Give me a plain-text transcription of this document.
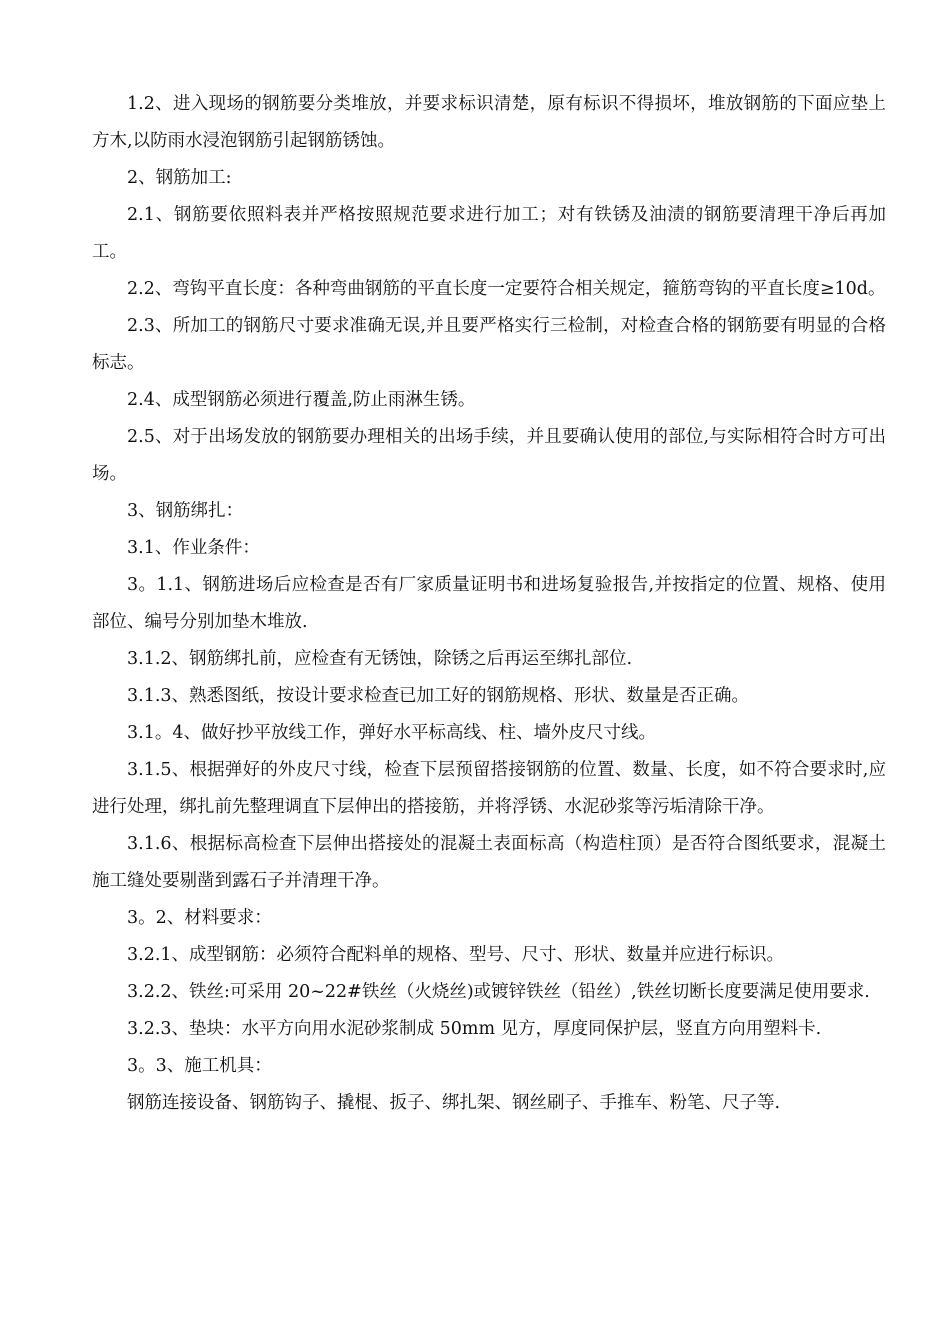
1.2、进入现场的钢筋要分类堆放，并要求标识清楚，原有标识不得损坏，堆放钢筋的下面应垫上方木,以防雨水浸泡钢筋引起钢筋锈蚀。

2、钢筋加工:

2.1、钢筋要依照料表并严格按照规范要求进行加工；对有铁锈及油渍的钢筋要清理干净后再加工。

2.2、弯钩平直长度：各种弯曲钢筋的平直长度一定要符合相关规定，箍筋弯钩的平直长度≥10d。

2.3、所加工的钢筋尺寸要求准确无误,并且要严格实行三检制，对检查合格的钢筋要有明显的合格标志。

2.4、成型钢筋必须进行覆盖,防止雨淋生锈。

2.5、对于出场发放的钢筋要办理相关的出场手续，并且要确认使用的部位,与实际相符合时方可出场。

3、钢筋绑扎：

3.1、作业条件：

3。1.1、钢筋进场后应检查是否有厂家质量证明书和进场复验报告,并按指定的位置、规格、使用部位、编号分别加垫木堆放.

3.1.2、钢筋绑扎前，应检查有无锈蚀，除锈之后再运至绑扎部位.

3.1.3、熟悉图纸，按设计要求检查已加工好的钢筋规格、形状、数量是否正确。

3.1。4、做好抄平放线工作，弹好水平标高线、柱、墙外皮尺寸线。

3.1.5、根据弹好的外皮尺寸线，检查下层预留搭接钢筋的位置、数量、长度，如不符合要求时,应进行处理，绑扎前先整理调直下层伸出的搭接筋，并将浮锈、水泥砂浆等污垢清除干净。

3.1.6、根据标高检查下层伸出搭接处的混凝土表面标高（构造柱顶）是否符合图纸要求，混凝土施工缝处要剔凿到露石子并清理干净。

3。2、材料要求：

3.2.1、成型钢筋：必须符合配料单的规格、型号、尺寸、形状、数量并应进行标识。

3.2.2、铁丝:可采用 20~22#铁丝（火烧丝)或镀锌铁丝（铅丝）,铁丝切断长度要满足使用要求.

3.2.3、垫块：水平方向用水泥砂浆制成 50mm 见方，厚度同保护层，竖直方向用塑料卡.

3。3、施工机具：

钢筋连接设备、钢筋钩子、撬棍、扳子、绑扎架、钢丝刷子、手推车、粉笔、尺子等.
